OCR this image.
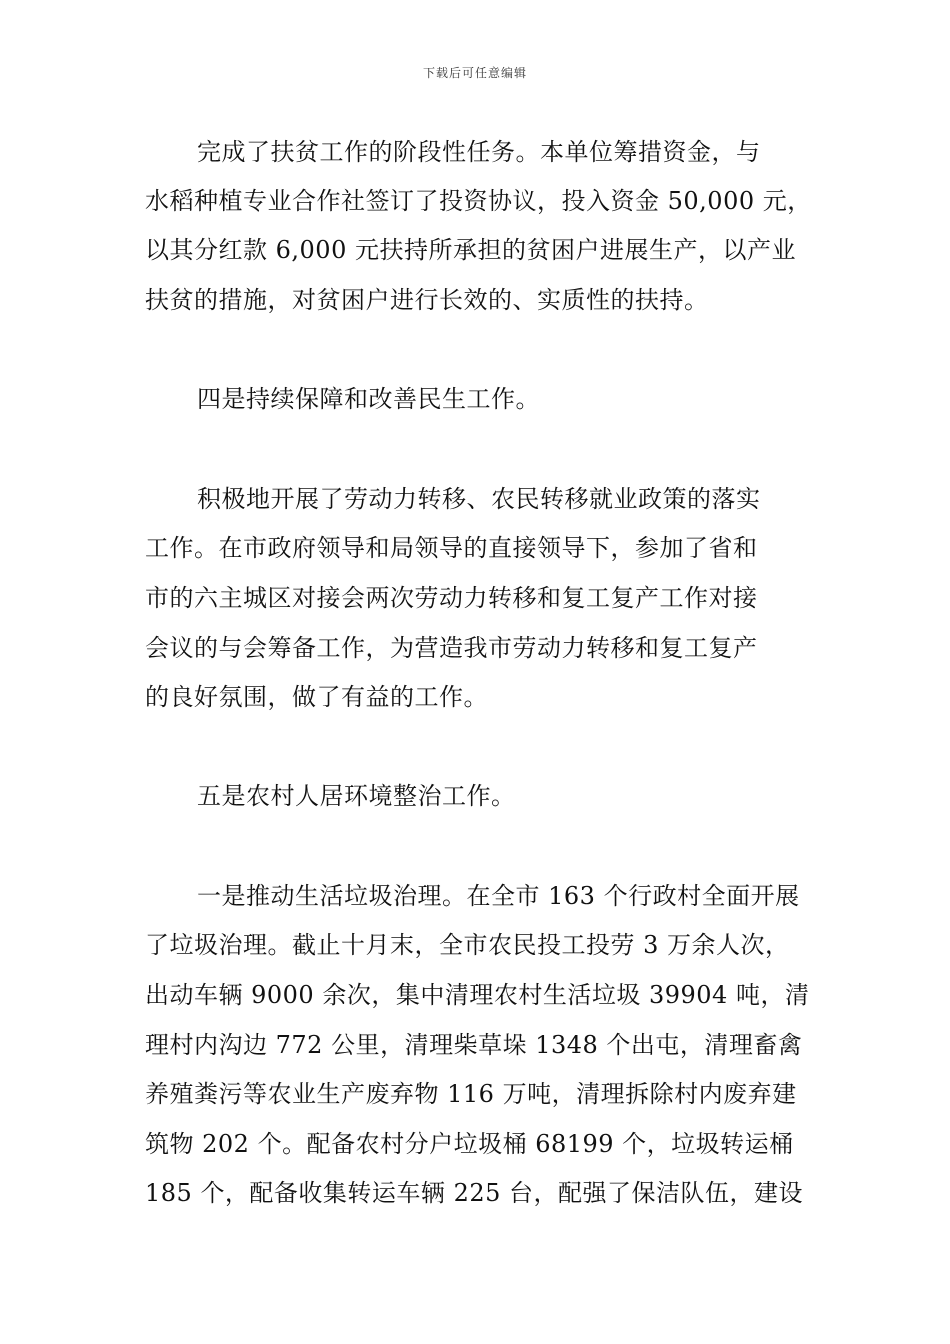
下载后可任意编辑
完成了扶贫工作的阶段性任务。本单位筹措资金，与
水稻种植专业合作社签订了投资协议，投入资金 50,000 元，
以其分红款 6,000 元扶持所承担的贫困户进展生产，以产业
扶贫的措施，对贫困户进行长效的、实质性的扶持。
四是持续保障和改善民生工作。
积极地开展了劳动力转移、农民转移就业政策的落实
工作。在市政府领导和局领导的直接领导下，参加了省和
市的六主城区对接会两次劳动力转移和复工复产工作对接
会议的与会筹备工作，为营造我市劳动力转移和复工复产
的良好氛围，做了有益的工作。
五是农村人居环境整治工作。
一是推动生活垃圾治理。在全市 163 个行政村全面开展
了垃圾治理。截止十月末，全市农民投工投劳 3 万余人次，
出动车辆 9000 余次，集中清理农村生活垃圾 39904 吨，清
理村内沟边 772 公里，清理柴草垛 1348 个出屯，清理畜禽
养殖粪污等农业生产废弃物 116 万吨，清理拆除村内废弃建
筑物 202 个。配备农村分户垃圾桶 68199 个，垃圾转运桶
185 个，配备收集转运车辆 225 台，配强了保洁队伍，建设
